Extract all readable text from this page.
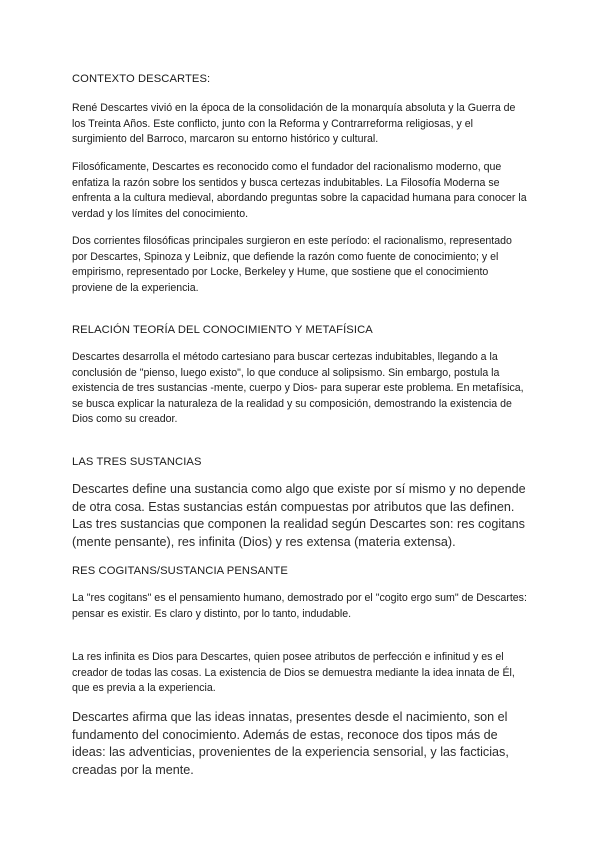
CONTEXTO DESCARTES:

René Descartes vivió en la época de la consolidación de la monarquía absoluta y la Guerra de los Treinta Años. Este conflicto, junto con la Reforma y Contrarreforma religiosas, y el surgimiento del Barroco, marcaron su entorno histórico y cultural.

Filosóficamente, Descartes es reconocido como el fundador del racionalismo moderno, que enfatiza la razón sobre los sentidos y busca certezas indubitables. La Filosofía Moderna se enfrenta a la cultura medieval, abordando preguntas sobre la capacidad humana para conocer la verdad y los límites del conocimiento.

Dos corrientes filosóficas principales surgieron en este período: el racionalismo, representado por Descartes, Spinoza y Leibniz, que defiende la razón como fuente de conocimiento; y el empirismo, representado por Locke, Berkeley y Hume, que sostiene que el conocimiento proviene de la experiencia.

RELACIÓN TEORÍA DEL CONOCIMIENTO Y METAFÍSICA

Descartes desarrolla el método cartesiano para buscar certezas indubitables, llegando a la conclusión de "pienso, luego existo", lo que conduce al solipsismo. Sin embargo, postula la existencia de tres sustancias -mente, cuerpo y Dios- para superar este problema. En metafísica, se busca explicar la naturaleza de la realidad y su composición, demostrando la existencia de Dios como su creador.

LAS TRES SUSTANCIAS

Descartes define una sustancia como algo que existe por sí mismo y no depende de otra cosa. Estas sustancias están compuestas por atributos que las definen. Las tres sustancias que componen la realidad según Descartes son: res cogitans (mente pensante), res infinita (Dios) y res extensa (materia extensa).

RES COGITANS/SUSTANCIA PENSANTE

La "res cogitans" es el pensamiento humano, demostrado por el "cogito ergo sum" de Descartes: pensar es existir. Es claro y distinto, por lo tanto, indudable.

La res infinita es Dios para Descartes, quien posee atributos de perfección e infinitud y es el creador de todas las cosas. La existencia de Dios se demuestra mediante la idea innata de Él, que es previa a la experiencia.

Descartes afirma que las ideas innatas, presentes desde el nacimiento, son el fundamento del conocimiento. Además de estas, reconoce dos tipos más de ideas: las adventicias, provenientes de la experiencia sensorial, y las facticias, creadas por la mente.
